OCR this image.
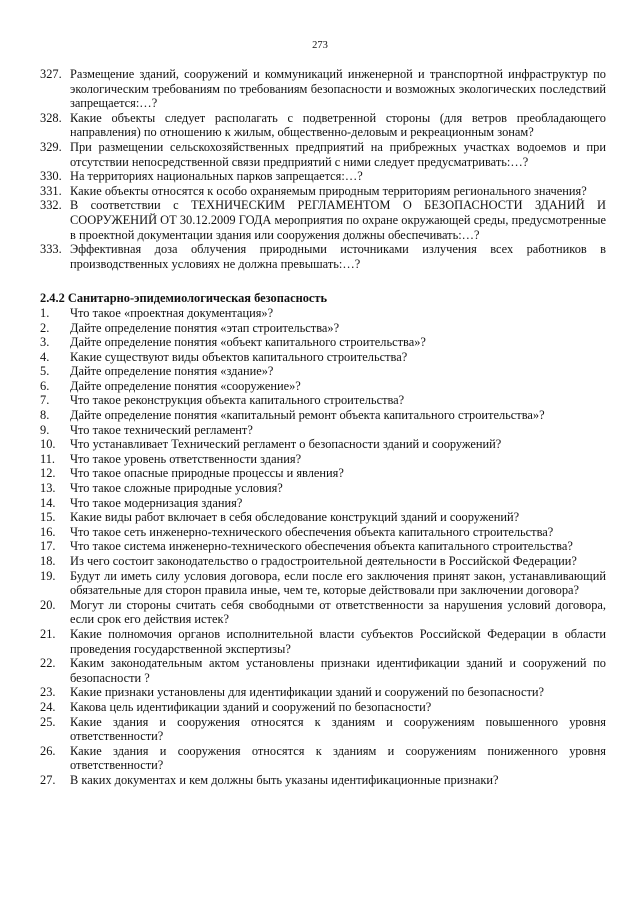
273
327. Размещение зданий, сооружений и коммуникаций инженерной и транспортной инфраструктур по экологическим требованиям по требованиям безопасности и возможных экологических последствий запрещается:…?
328. Какие объекты следует располагать с подветренной стороны (для ветров преобладающего направления) по отношению к жилым, общественно-деловым и рекреационным зонам?
329. При размещении сельскохозяйственных предприятий на прибрежных участках водоемов и при отсутствии непосредственной связи предприятий с ними следует предусматривать:…?
330. На территориях национальных парков запрещается:…?
331. Какие объекты относятся к особо охраняемым природным территориям регионального значения?
332. В соответствии с ТЕХНИЧЕСКИМ РЕГЛАМЕНТОМ О БЕЗОПАСНОСТИ ЗДАНИЙ И СООРУЖЕНИЙ ОТ 30.12.2009 ГОДА мероприятия по охране окружающей среды, предусмотренные в проектной документации здания или сооружения должны обеспечивать:…?
333. Эффективная доза облучения природными источниками излучения всех работников в производственных условиях не должна превышать:…?
2.4.2 Санитарно-эпидемиологическая безопасность
1.	Что такое «проектная документация»?
2.	Дайте определение понятия «этап строительства»?
3.	Дайте определение понятия «объект капитального строительства»?
4.	Какие существуют виды объектов капитального строительства?
5.	Дайте определение понятия «здание»?
6.	Дайте определение понятия «сооружение»?
7.	Что такое реконструкция объекта капитального строительства?
8.	Дайте определение понятия «капитальный ремонт объекта капитального строительства»?
9.	Что такое технический регламент?
10.	Что устанавливает Технический регламент о безопасности зданий и сооружений?
11.	Что такое уровень ответственности здания?
12.	Что такое опасные природные процессы и явления?
13.	Что такое сложные природные условия?
14.	Что такое модернизация здания?
15.	Какие виды работ включает в себя обследование конструкций зданий и сооружений?
16.	Что такое сеть инженерно-технического обеспечения объекта капитального строительства?
17.	Что такое система инженерно-технического обеспечения объекта капитального строительства?
18.	Из чего состоит законодательство о градостроительной деятельности в Российской Федерации?
19.	Будут ли иметь силу условия договора, если после его заключения принят закон, устанавливающий обязательные для сторон правила иные, чем те, которые действовали при заключении договора?
20.	Могут ли стороны считать себя свободными от ответственности за нарушения условий договора, если срок его действия истек?
21.	Какие полномочия органов исполнительной власти субъектов Российской Федерации в области проведения государственной экспертизы?
22.	Каким законодательным актом установлены признаки идентификации зданий и сооружений по безопасности ?
23.	Какие признаки установлены для идентификации зданий и сооружений по безопасности?
24.	Какова цель идентификации зданий и сооружений по безопасности?
25.	Какие здания и сооружения относятся к зданиям и сооружениям повышенного уровня ответственности?
26.	Какие здания и сооружения относятся к зданиям и сооружениям пониженного уровня ответственности?
27.	В каких документах и кем должны быть указаны идентификационные признаки?
